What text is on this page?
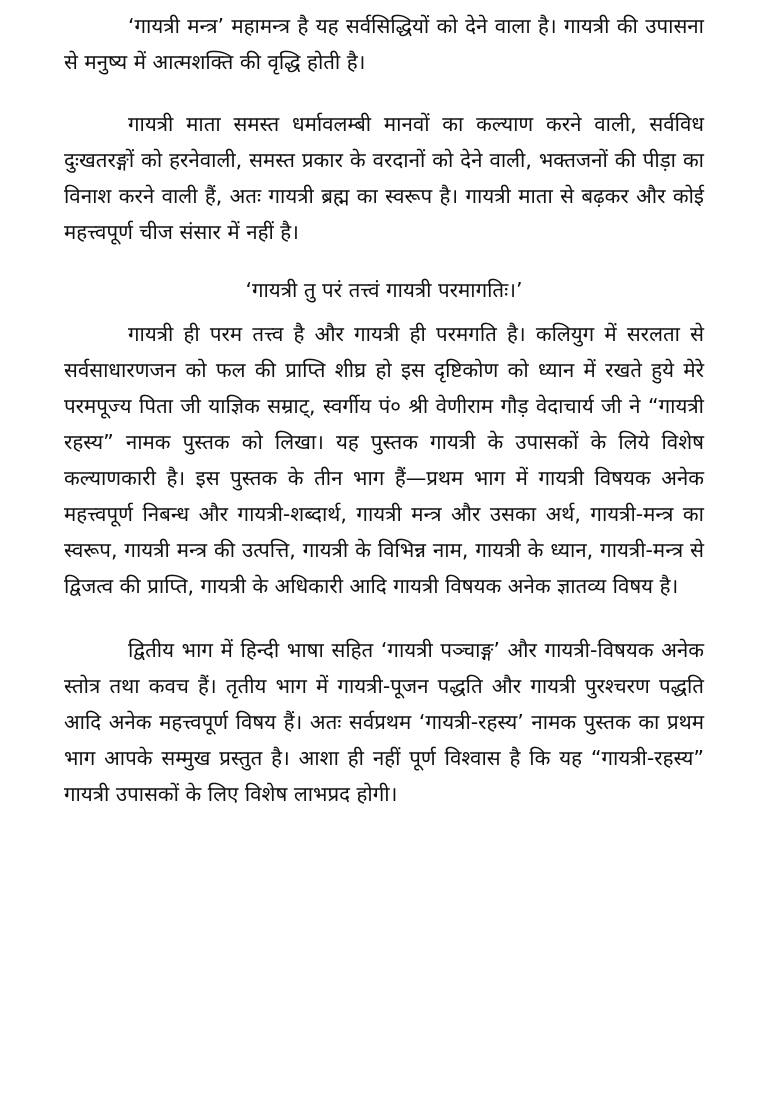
‘गायत्री मन्त्र’ महामन्त्र है यह सर्वसिद्धियों को देने वाला है। गायत्री की उपासना से मनुष्य में आत्मशक्ति की वृद्धि होती है।

गायत्री माता समस्त धर्मावलम्बी मानवों का कल्याण करने वाली, सर्वविध दुःखतरङ्गों को हरनेवाली, समस्त प्रकार के वरदानों को देने वाली, भक्तजनों की पीड़ा का विनाश करने वाली हैं, अतः गायत्री ब्रह्म का स्वरूप है। गायत्री माता से बढ़कर और कोई महत्त्वपूर्ण चीज संसार में नहीं है।

‘गायत्री तु परं तत्त्वं गायत्री परमागतिः।’

गायत्री ही परम तत्त्व है और गायत्री ही परमगति है। कलियुग में सरलता से सर्वसाधारणजन को फल की प्राप्ति शीघ्र हो इस दृष्टिकोण को ध्यान में रखते हुये मेरे परमपूज्य पिता जी याज्ञिक सम्राट्, स्वर्गीय पं० श्री वेणीराम गौड़ वेदाचार्य जी ने “गायत्री रहस्य” नामक पुस्तक को लिखा। यह पुस्तक गायत्री के उपासकों के लिये विशेष कल्याणकारी है। इस पुस्तक के तीन भाग हैं—प्रथम भाग में गायत्री विषयक अनेक महत्त्वपूर्ण निबन्ध और गायत्री-शब्दार्थ, गायत्री मन्त्र और उसका अर्थ, गायत्री-मन्त्र का स्वरूप, गायत्री मन्त्र की उत्पत्ति, गायत्री के विभिन्न नाम, गायत्री के ध्यान, गायत्री-मन्त्र से द्विजत्व की प्राप्ति, गायत्री के अधिकारी आदि गायत्री विषयक अनेक ज्ञातव्य विषय है।

द्वितीय भाग में हिन्दी भाषा सहित ‘गायत्री पञ्चाङ्ग’ और गायत्री-विषयक अनेक स्तोत्र तथा कवच हैं। तृतीय भाग में गायत्री-पूजन पद्धति और गायत्री पुरश्चरण पद्धति आदि अनेक महत्त्वपूर्ण विषय हैं। अतः सर्वप्रथम ‘गायत्री-रहस्य’ नामक पुस्तक का प्रथम भाग आपके सम्मुख प्रस्तुत है। आशा ही नहीं पूर्ण विश्वास है कि यह “गायत्री-रहस्य” गायत्री उपासकों के लिए विशेष लाभप्रद होगी।
